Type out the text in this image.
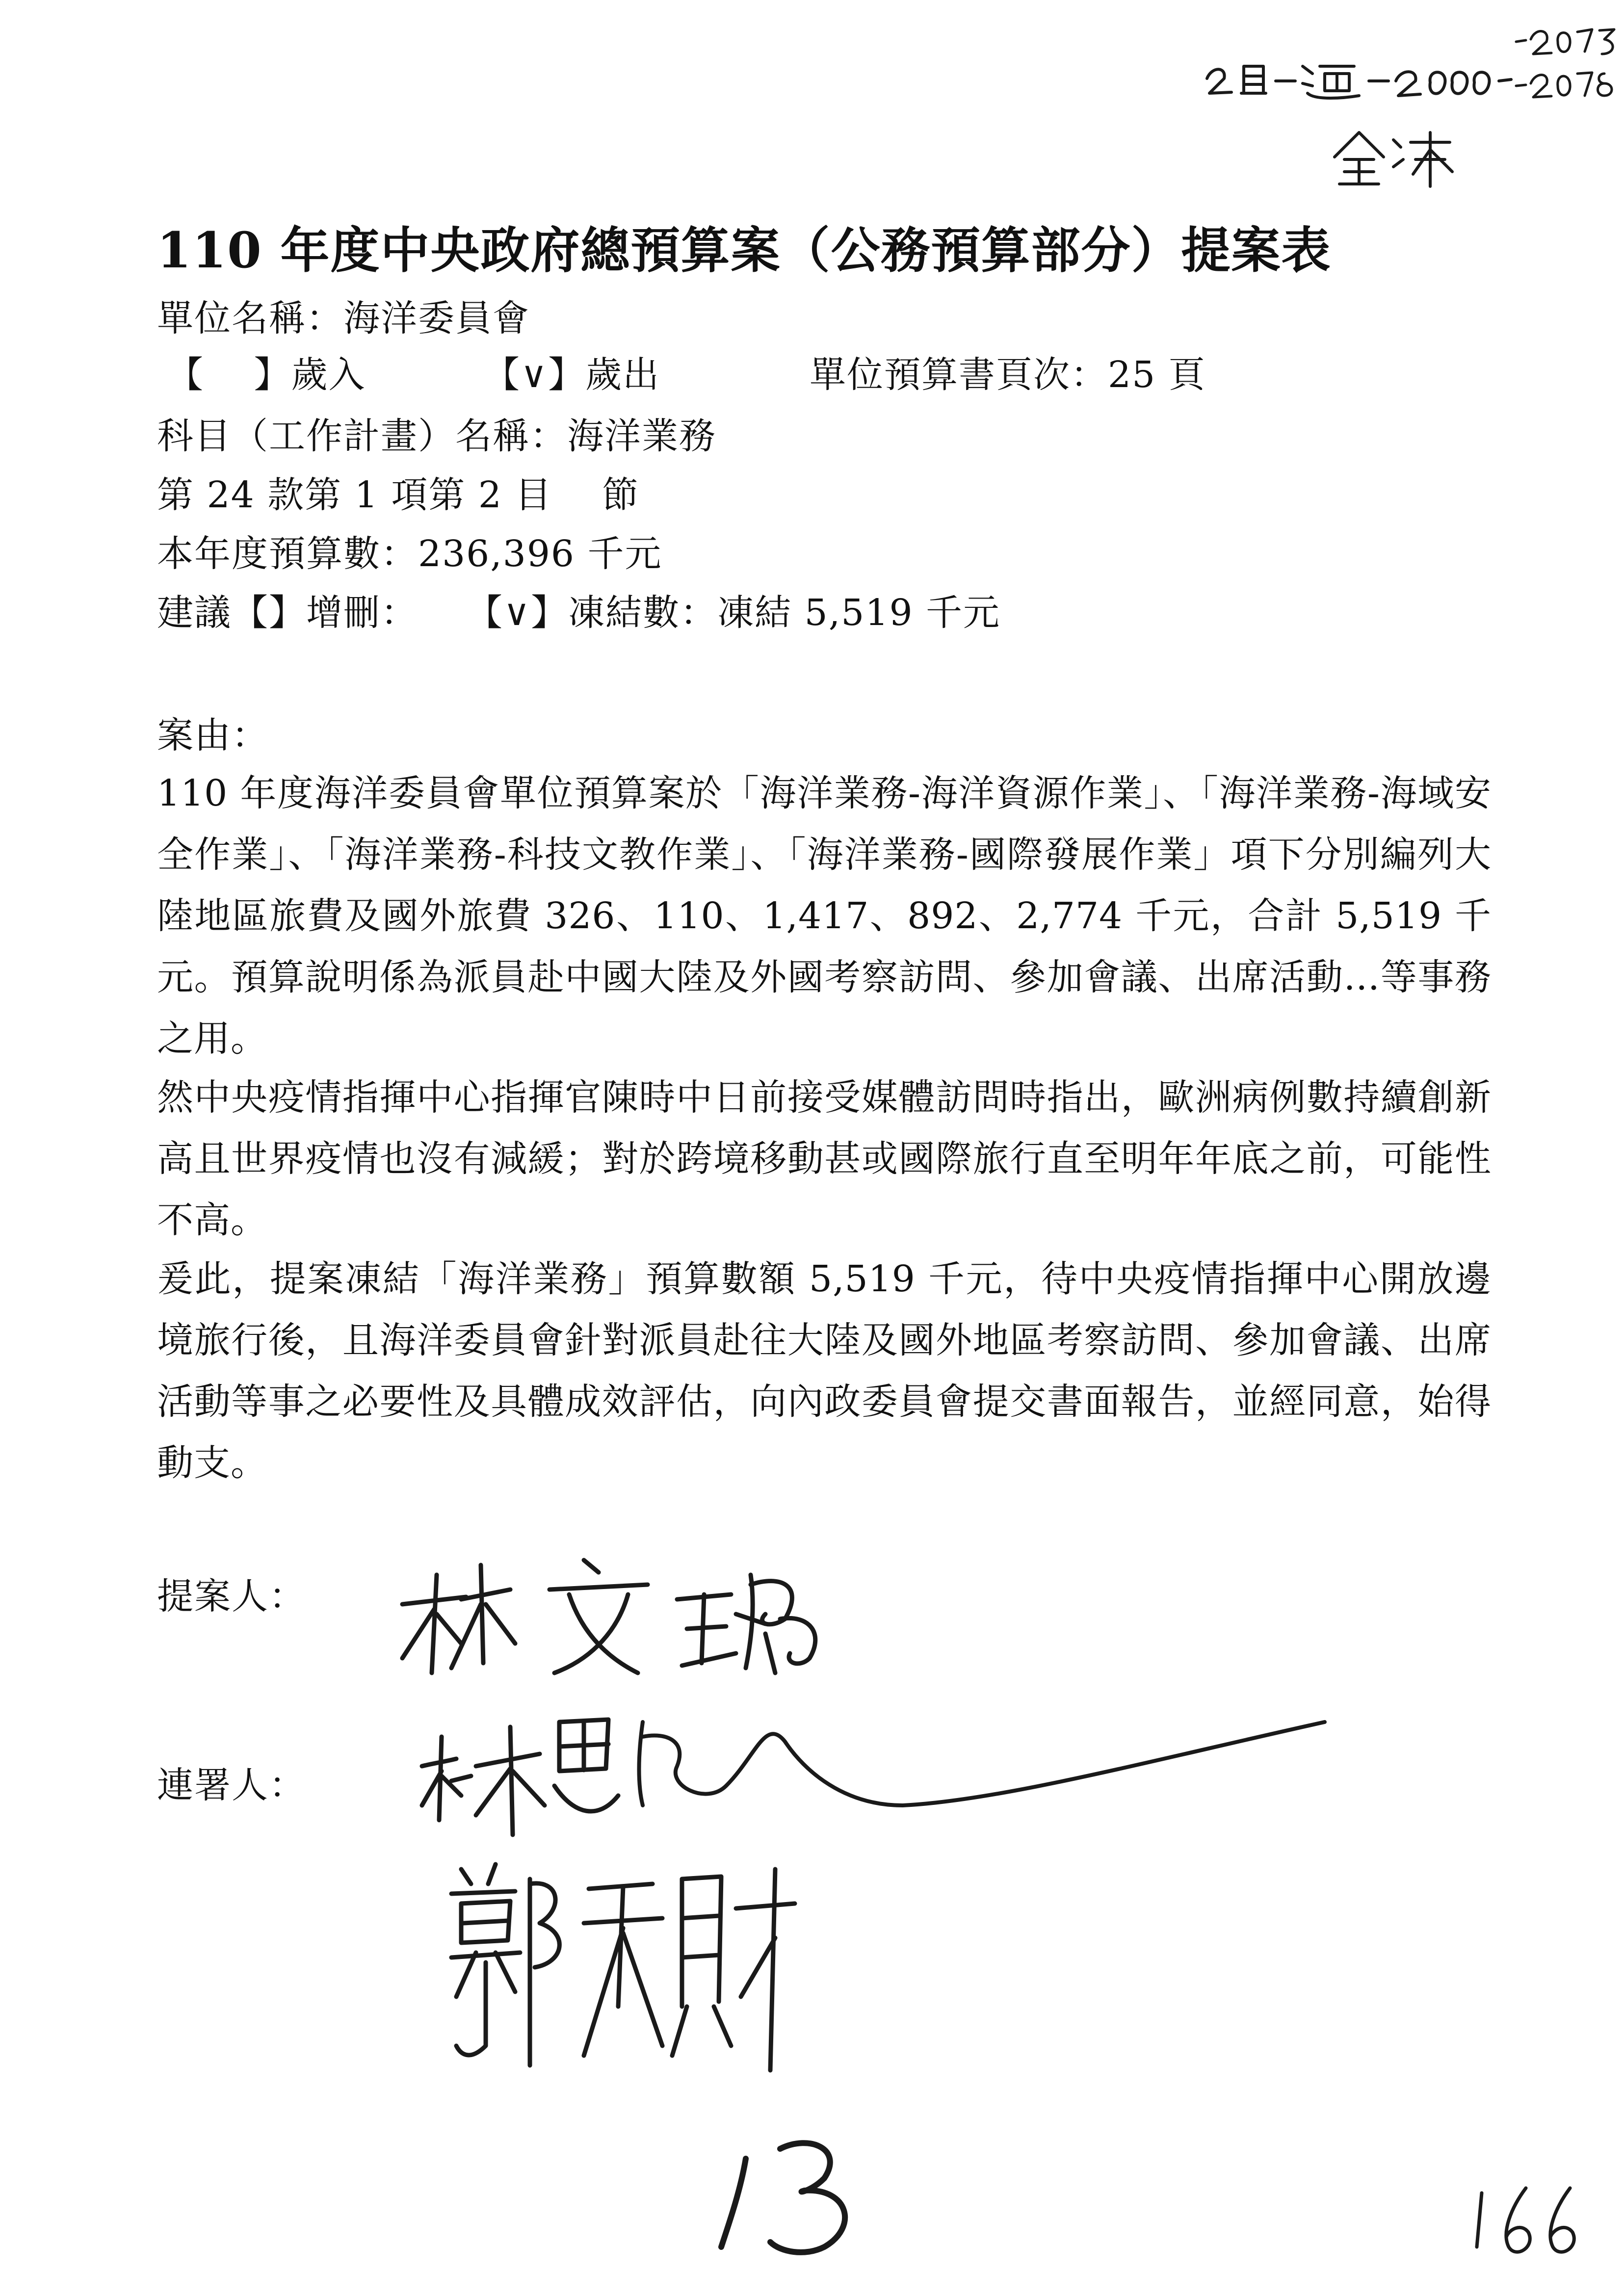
110 年度中央政府總預算案（公務預算部分）提案表
單位名稱：海洋委員會
【　 】歲入	【∨】歲出	單位預算書頁次：25 頁
科目（工作計畫）名稱：海洋業務
第 24 款第 1 項第 2 目　 節
本年度預算數：236,396 千元
建議【】增刪： 【∨】凍結數：凍結 5,519 千元
案由：
110 年度海洋委員會單位預算案於「海洋業務-海洋資源作業」、「海洋業務-海域安全作業」、「海洋業務-科技文教作業」、「海洋業務-國際發展作業」項下分別編列大陸地區旅費及國外旅費 326、110、1,417、892、2,774 千元，合計 5,519 千元。預算說明係為派員赴中國大陸及外國考察訪問、參加會議、出席活動…等事務之用。
然中央疫情指揮中心指揮官陳時中日前接受媒體訪問時指出，歐洲病例數持續創新高且世界疫情也沒有減緩；對於跨境移動甚或國際旅行直至明年年底之前，可能性不高。
爰此，提案凍結「海洋業務」預算數額 5,519 千元，待中央疫情指揮中心開放邊境旅行後，且海洋委員會針對派員赴往大陸及國外地區考察訪問、參加會議、出席活動等事之必要性及具體成效評估，向內政委員會提交書面報告，並經同意，始得動支。
提案人：
連署人：
